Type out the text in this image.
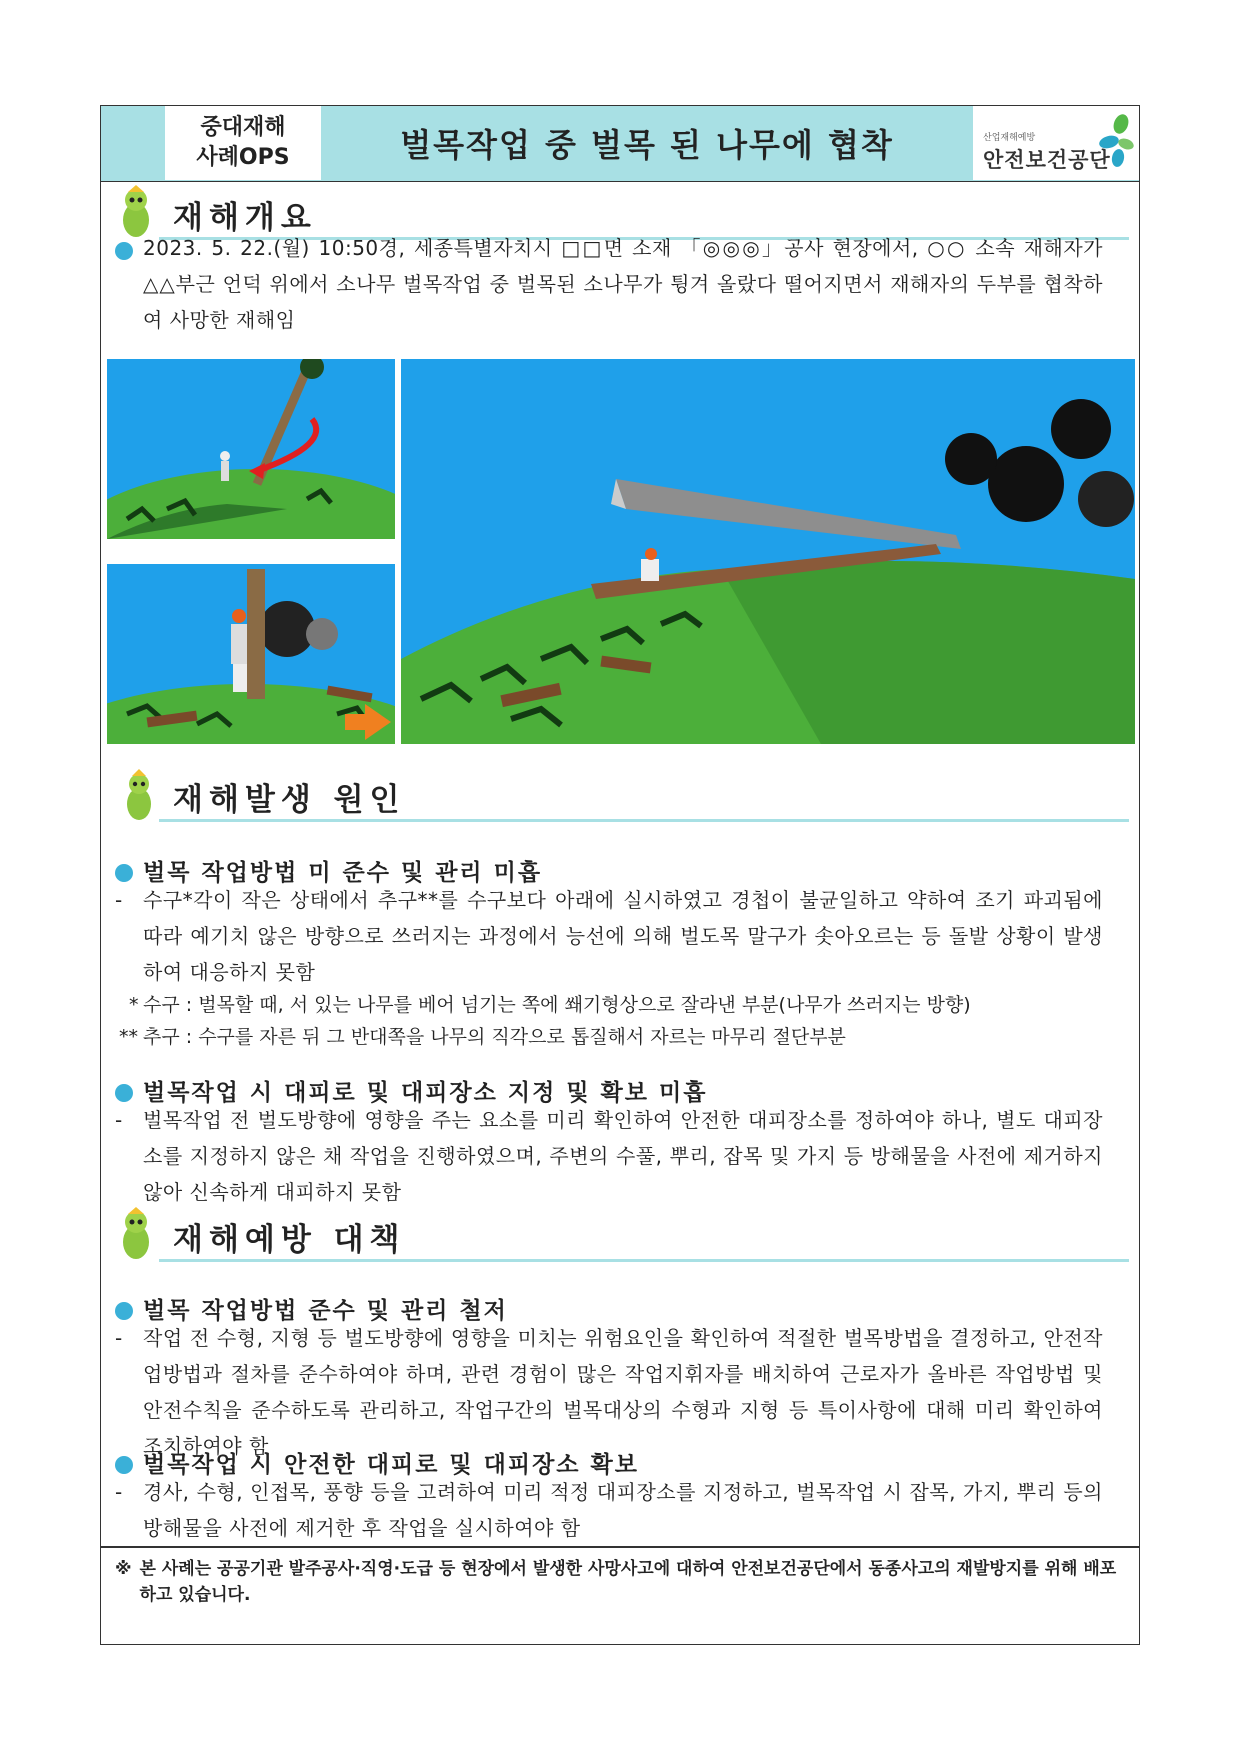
중대재해
사례OPS	벌목작업 중 벌목 된 나무에 협착	산업재해예방
안전보건공단
재해개요
2023. 5. 22.(월) 10:50경, 세종특별자치시 □□면 소재 「◎◎◎」공사 현장에서, ○○ 소속 재해자가 △△부근 언덕 위에서 소나무 벌목작업 중 벌목된 소나무가 튕겨 올랐다 떨어지면서 재해자의 두부를 협착하여 사망한 재해임
재해발생 원인
벌목 작업방법 미 준수 및 관리 미흡
- 수구*각이 작은 상태에서 추구**를 수구보다 아래에 실시하였고 경첩이 불균일하고 약하여 조기 파괴됨에 따라 예기치 않은 방향으로 쓰러지는 과정에서 능선에 의해 벌도목 말구가 솟아오르는 등 돌발 상황이 발생하여 대응하지 못함
* 수구 : 벌목할 때, 서 있는 나무를 베어 넘기는 쪽에 쐐기형상으로 잘라낸 부분(나무가 쓰러지는 방향)
** 추구 : 수구를 자른 뒤 그 반대쪽을 나무의 직각으로 톱질해서 자르는 마무리 절단부분
벌목작업 시 대피로 및 대피장소 지정 및 확보 미흡
- 벌목작업 전 벌도방향에 영향을 주는 요소를 미리 확인하여 안전한 대피장소를 정하여야 하나, 별도 대피장소를 지정하지 않은 채 작업을 진행하였으며, 주변의 수풀, 뿌리, 잡목 및 가지 등 방해물을 사전에 제거하지 않아 신속하게 대피하지 못함
재해예방 대책
벌목 작업방법 준수 및 관리 철저
- 작업 전 수형, 지형 등 벌도방향에 영향을 미치는 위험요인을 확인하여 적절한 벌목방법을 결정하고, 안전작업방법과 절차를 준수하여야 하며, 관련 경험이 많은 작업지휘자를 배치하여 근로자가 올바른 작업방법 및 안전수칙을 준수하도록 관리하고, 작업구간의 벌목대상의 수형과 지형 등 특이사항에 대해 미리 확인하여 조치하여야 함
벌목작업 시 안전한 대피로 및 대피장소 확보
- 경사, 수형, 인접목, 풍향 등을 고려하여 미리 적정 대피장소를 지정하고, 벌목작업 시 잡목, 가지, 뿌리 등의 방해물을 사전에 제거한 후 작업을 실시하여야 함
※ 본 사례는 공공기관 발주공사·직영·도급 등 현장에서 발생한 사망사고에 대하여 안전보건공단에서 동종사고의 재발방지를 위해 배포하고 있습니다.
